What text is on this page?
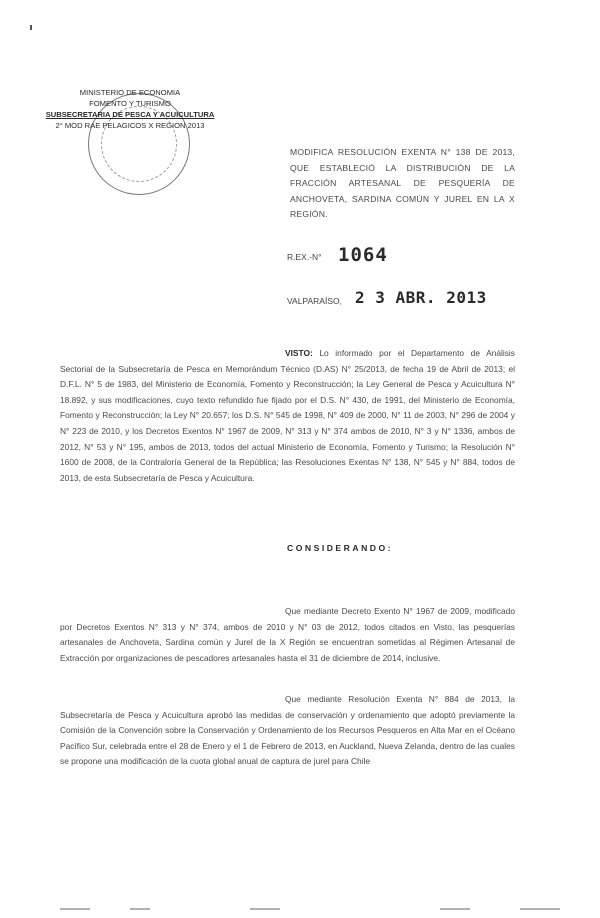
MINISTERIO DE ECONOMIA
FOMENTO Y TURISMO
SUBSECRETARIA DE PESCA Y ACUICULTURA
2° MOD RAE PELAGICOS X REGION 2013
MODIFICA RESOLUCIÓN EXENTA N° 138 DE 2013, QUE ESTABLECIÓ LA DISTRIBUCIÓN DE LA FRACCIÓN ARTESANAL DE PESQUERÍA DE ANCHOVETA, SARDINA COMÚN Y JUREL EN LA X REGIÓN.
R.EX.-N° 1064
VALPARAÍSO, 2 3 ABR. 2013
VISTO: Lo informado por el Departamento de Análisis Sectorial de la Subsecretaría de Pesca en Memorándum Técnico (D.AS) N° 25/2013, de fecha 19 de Abril de 2013; el D.F.L. N° 5 de 1983, del Ministerio de Economía, Fomento y Reconstrucción; la Ley General de Pesca y Acuicultura N° 18.892, y sus modificaciones, cuyo texto refundido fue fijado por el D.S. N° 430, de 1991, del Ministerio de Economía, Fomento y Reconstrucción; la Ley N° 20.657; los D.S. N° 545 de 1998, N° 409 de 2000, N° 11 de 2003, N° 296 de 2004 y N° 223 de 2010, y los Decretos Exentos N° 1967 de 2009, N° 313 y N° 374 ambos de 2010, N° 3 y N° 1336, ambos de 2012, N° 53 y N° 195, ambos de 2013, todos del actual Ministerio de Economía, Fomento y Turismo; la Resolución N° 1600 de 2008, de la Contraloría General de la República; las Resoluciones Exentas N° 138, N° 545 y N° 884, todos de 2013, de esta Subsecretaría de Pesca y Acuicultura.
CONSIDERANDO:
Que mediante Decreto Exento N° 1967 de 2009, modificado por Decretos Exentos N° 313 y N° 374, ambos de 2010 y N° 03 de 2012, todos citados en Visto, las pesquerías artesanales de Anchoveta, Sardina común y Jurel de la X Región se encuentran sometidas al Régimen Artesanal de Extracción por organizaciones de pescadores artesanales hasta el 31 de diciembre de 2014, inclusive.
Que mediante Resolución Exenta N° 884 de 2013, la Subsecretaría de Pesca y Acuicultura aprobó las medidas de conservación y ordenamiento que adoptó previamente la Comisión de la Convención sobre la Conservación y Ordenamiento de los Recursos Pesqueros en Alta Mar en el Océano Pacífico Sur, celebrada entre el 28 de Enero y el 1 de Febrero de 2013, en Auckland, Nueva Zelanda, dentro de las cuales se propone una modificación de la cuota global anual de captura de jurel para Chile
